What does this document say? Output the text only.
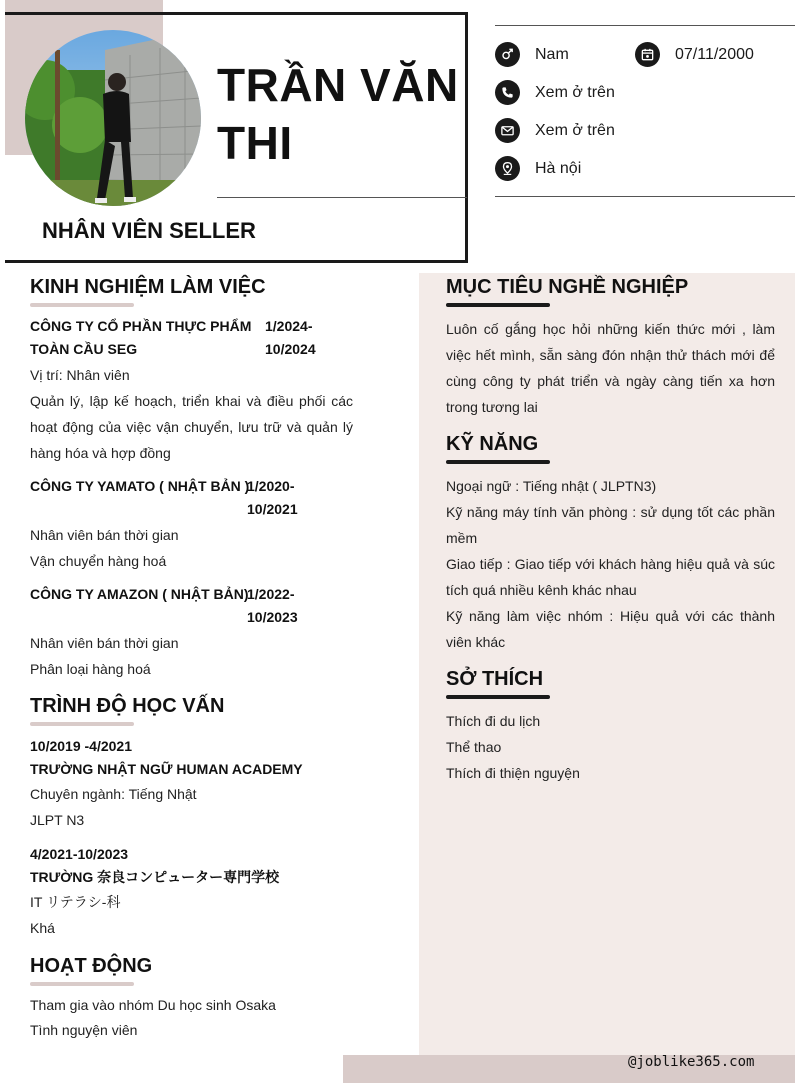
TRẦN VĂN
THI
NHÂN VIÊN SELLER
Nam	07/11/2000
Xem ở trên
Xem ở trên
Hà nội
KINH NGHIỆM LÀM VIỆC
CÔNG TY CỔ PHẦN THỰC PHẨM
TOÀN CẦU SEG
1/2024-
10/2024
Vị trí: Nhân viên
Quản lý, lập kế hoạch, triển khai và điều phối các hoạt động của việc vận chuyển, lưu trữ và quản lý hàng hóa và hợp đồng
CÔNG TY YAMATO ( NHẬT BẢN )
1/2020-
10/2021
Nhân viên bán thời gian
Vận chuyển hàng hoá
CÔNG TY AMAZON ( NHẬT BẢN)
1/2022-
10/2023
Nhân viên bán thời gian
Phân loại hàng hoá
TRÌNH ĐỘ HỌC VẤN
10/2019 -4/2021
TRƯỜNG NHẬT NGỮ HUMAN ACADEMY
Chuyên ngành: Tiếng Nhật
JLPT N3
4/2021-10/2023
TRƯỜNG 奈良コンピューター専門学校
IT リテラシ-科
Khá
HOẠT ĐỘNG
Tham gia vào nhóm Du học sinh Osaka
Tình nguyện viên
MỤC TIÊU NGHỀ NGHIỆP
Luôn cố gắng học hỏi những kiến thức mới , làm việc hết mình, sẵn sàng đón nhận thử thách mới để cùng công ty phát triển và ngày càng tiến xa hơn trong tương lai
KỸ NĂNG
Ngoại ngữ : Tiếng nhật ( JLPTN3)
Kỹ năng máy tính văn phòng : sử dụng tốt các phần mềm
Giao tiếp : Giao tiếp với khách hàng hiệu quả và súc tích quá nhiều kênh khác nhau
Kỹ năng làm việc nhóm : Hiệu quả với các thành viên khác
SỞ THÍCH
Thích đi du lịch
Thể thao
Thích đi thiện nguyện
@joblike365.com
